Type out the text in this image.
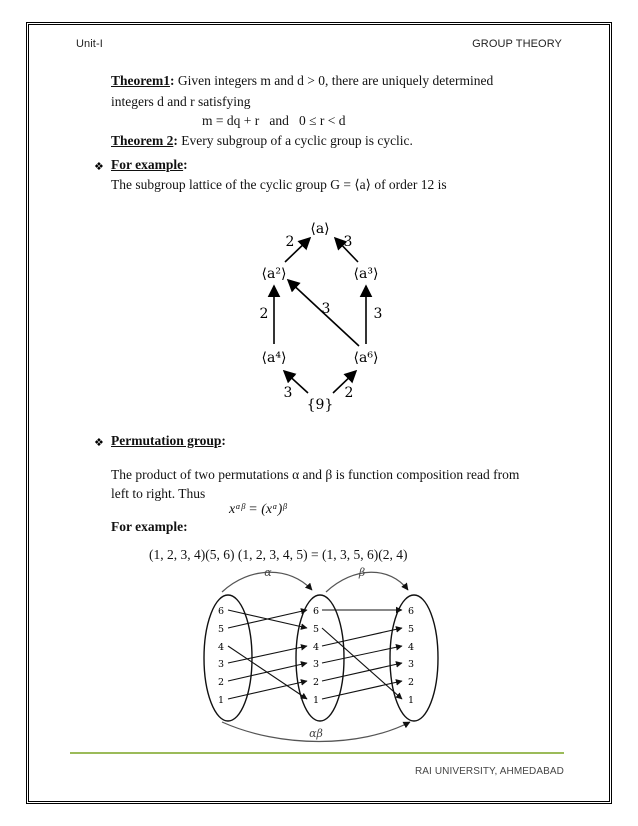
Unit-I	GROUP THEORY
Theorem1: Given integers m and d > 0, there are uniquely determined
integers d and r satisfying
m = dq + r   and   0 ≤ r < d
Theorem 2: Every subgroup of a cyclic group is cyclic.
❖ For example:
The subgroup lattice of the cyclic group G = ⟨a⟩ of order 12 is
⟨a⟩
⟨a²⟩	⟨a³⟩
⟨a⁴⟩	⟨a⁶⟩
{9}
2	3
2	3	3
3	2
❖ Permutation group:
The product of two permutations α and β is function composition read from
left to right. Thus
xᵅᵝ = (xᵅ)ᵝ
For example:
(1, 2, 3, 4)(5, 6) (1, 2, 3, 4, 5) = (1, 3, 5, 6)(2, 4)
α	β
αβ
6
5
4
3
2
1
6
5
4
3
2
1
6
5
4
3
2
1
RAI UNIVERSITY, AHMEDABAD
